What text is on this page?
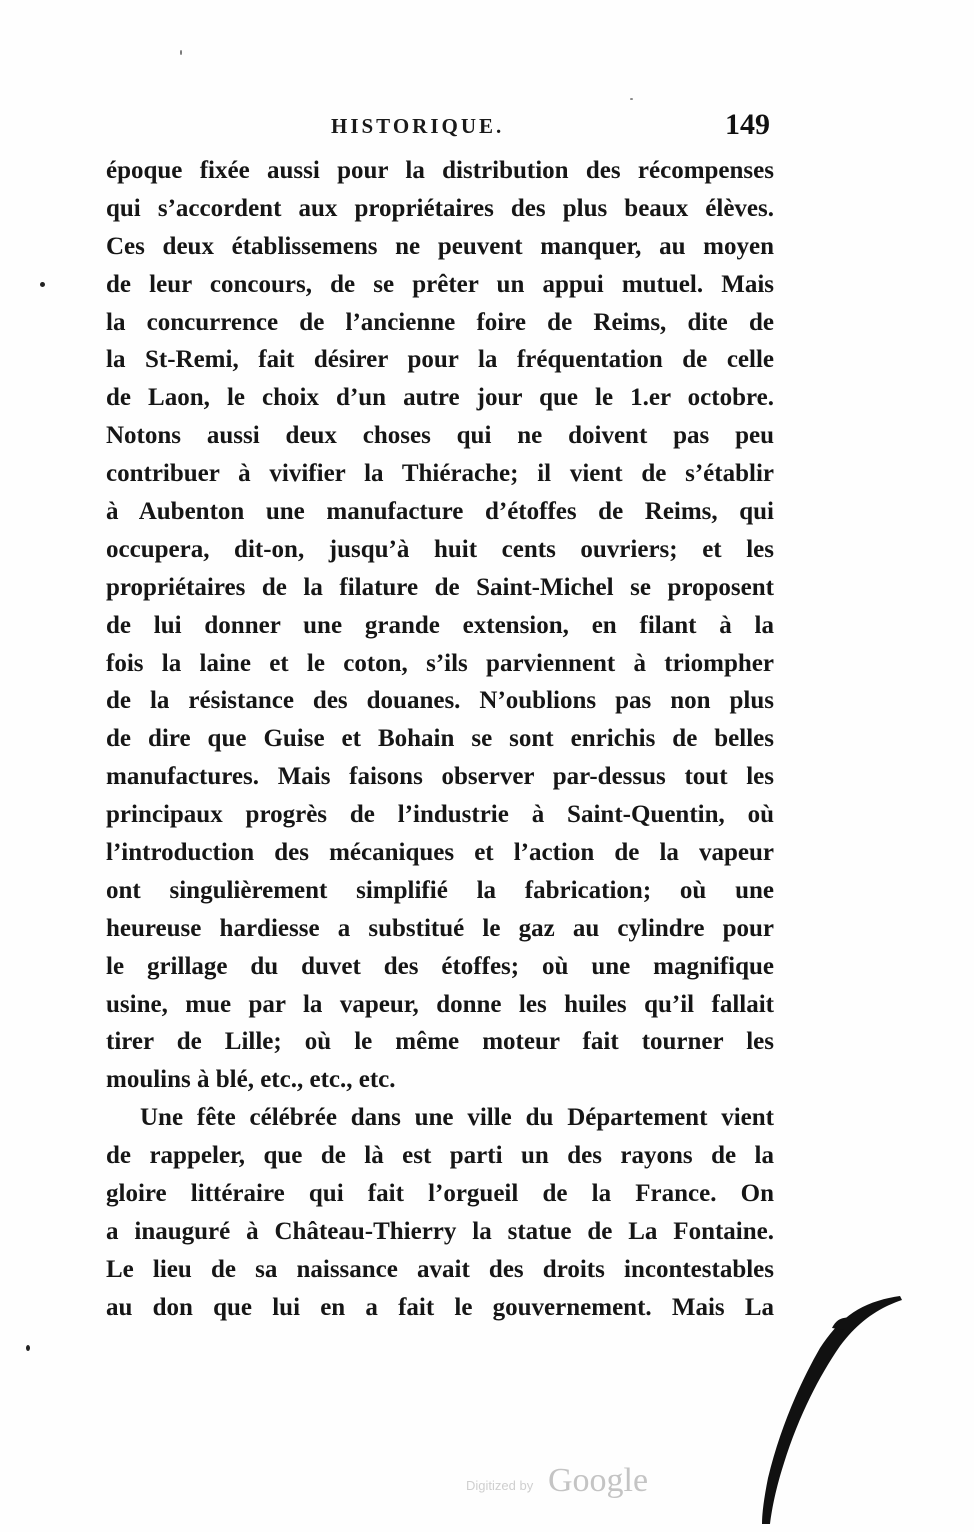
HISTORIQUE.	149
époque fixée aussi pour la distribution des récompenses
qui s’accordent aux propriétaires des plus beaux élèves.
Ces deux établissemens ne peuvent manquer, au moyen
de leur concours, de se prêter un appui mutuel. Mais
la concurrence de l’ancienne foire de Reims, dite de
la St-Remi, fait désirer pour la fréquentation de celle
de Laon, le choix d’un autre jour que le 1.er octobre.
Notons aussi deux choses qui ne doivent pas peu
contribuer à vivifier la Thiérache; il vient de s’établir
à Aubenton une manufacture d’étoffes de Reims, qui
occupera, dit-on, jusqu’à huit cents ouvriers; et les
propriétaires de la filature de Saint-Michel se proposent
de lui donner une grande extension, en filant à la
fois la laine et le coton, s’ils parviennent à triompher
de la résistance des douanes. N’oublions pas non plus
de dire que Guise et Bohain se sont enrichis de belles
manufactures. Mais faisons observer par-dessus tout les
principaux progrès de l’industrie à Saint-Quentin, où
l’introduction des mécaniques et l’action de la vapeur
ont singulièrement simplifié la fabrication; où une
heureuse hardiesse a substitué le gaz au cylindre pour
le grillage du duvet des étoffes; où une magnifique
usine, mue par la vapeur, donne les huiles qu’il fallait
tirer de Lille; où le même moteur fait tourner les
moulins à blé, etc., etc., etc.
Une fête célébrée dans une ville du Département vient
de rappeler, que de là est parti un des rayons de la
gloire littéraire qui fait l’orgueil de la France. On
a inauguré à Château-Thierry la statue de La Fontaine.
Le lieu de sa naissance avait des droits incontestables
au don que lui en a fait le gouvernement. Mais La
Digitized by Google
